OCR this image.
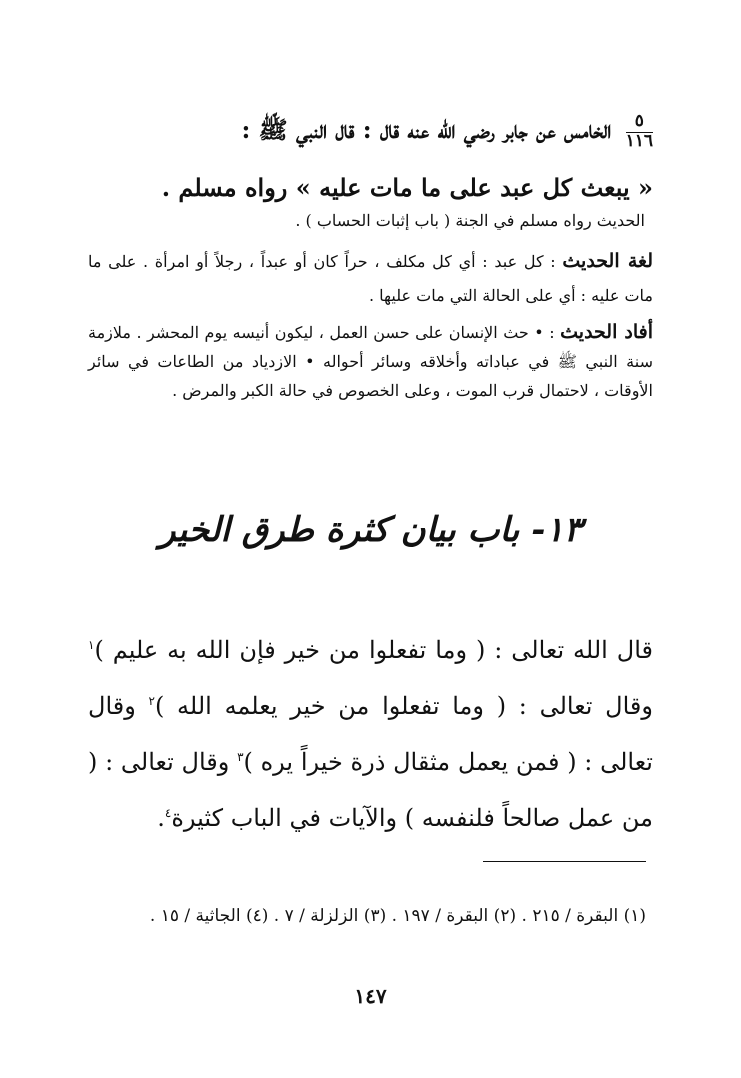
٥
١١٦
الخامس عن جابر رضي الله عنه قال : قال النبي ﷺ :
« يبعث كل عبد على ما مات عليه » رواه مسلم .
الحديث رواه مسلم في الجنة ( باب إثبات الحساب ) .
لغة الحديث : كل عبد : أي كل مكلف ، حراً كان أو عبداً ، رجلاً أو امرأة . على ما مات عليه : أي على الحالة التي مات عليها .
أفاد الحديث : • حث الإنسان على حسن العمل ، ليكون أنيسه يوم المحشر . ملازمة سنة النبي ﷺ في عباداته وأخلاقه وسائر أحواله • الازدياد من الطاعات في سائر الأوقات ، لاحتمال قرب الموت ، وعلى الخصوص في حالة الكبر والمرض .
١٣- باب بيان كثرة طرق الخير
قال الله تعالى : ( وما تفعلوا من خير فإن الله به عليم )$^١$ وقال تعالى : ( وما تفعلوا من خير يعلمه الله )$^٢$ وقال تعالى : ( فمن يعمل مثقال ذرة خيراً يره )$^٣$ وقال تعالى : ( من عمل صالحاً فلنفسه ) والآيات في الباب كثيرة$^٤$.
(١) البقرة / ٢١٥ . (٢) البقرة / ١٩٧ . (٣) الزلزلة / ٧ . (٤) الجاثية / ١٥ .
١٤٧
